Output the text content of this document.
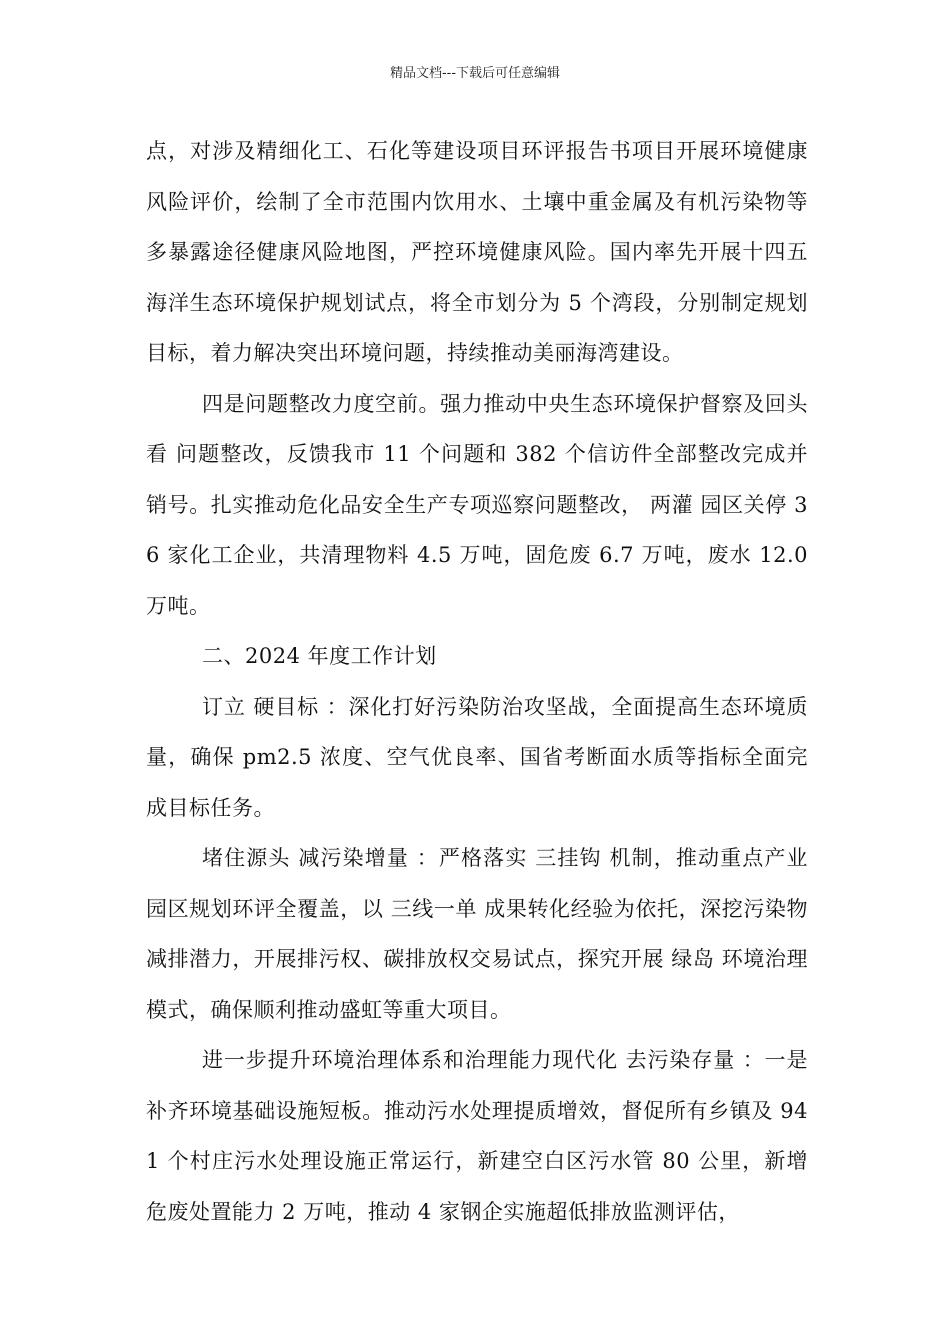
精品文档---下载后可任意编辑

点，对涉及精细化工、石化等建设项目环评报告书项目开展环境健康风险评价，绘制了全市范围内饮用水、土壤中重金属及有机污染物等多暴露途径健康风险地图，严控环境健康风险。国内率先开展十四五 海洋生态环境保护规划试点，将全市划分为 5 个湾段，分别制定规划目标，着力解决突出环境问题，持续推动美丽海湾建设。

四是问题整改力度空前。强力推动中央生态环境保护督察及回头看 问题整改，反馈我市 11 个问题和 382 个信访件全部整改完成并销号。扎实推动危化品安全生产专项巡察问题整改， 两灌 园区关停 36 家化工企业，共清理物料 4.5 万吨，固危废 6.7 万吨，废水 12.0 万吨。

二、2024 年度工作计划

订立 硬目标 ：深化打好污染防治攻坚战，全面提高生态环境质量，确保 pm2.5 浓度、空气优良率、国省考断面水质等指标全面完成目标任务。

堵住源头 减污染增量 ：严格落实 三挂钩 机制，推动重点产业园区规划环评全覆盖，以 三线一单 成果转化经验为依托，深挖污染物减排潜力，开展排污权、碳排放权交易试点，探究开展 绿岛 环境治理模式，确保顺利推动盛虹等重大项目。

进一步提升环境治理体系和治理能力现代化 去污染存量 ：一是补齐环境基础设施短板。推动污水处理提质增效，督促所有乡镇及 941 个村庄污水处理设施正常运行，新建空白区污水管 80 公里，新增危废处置能力 2 万吨，推动 4 家钢企实施超低排放监测评估，
